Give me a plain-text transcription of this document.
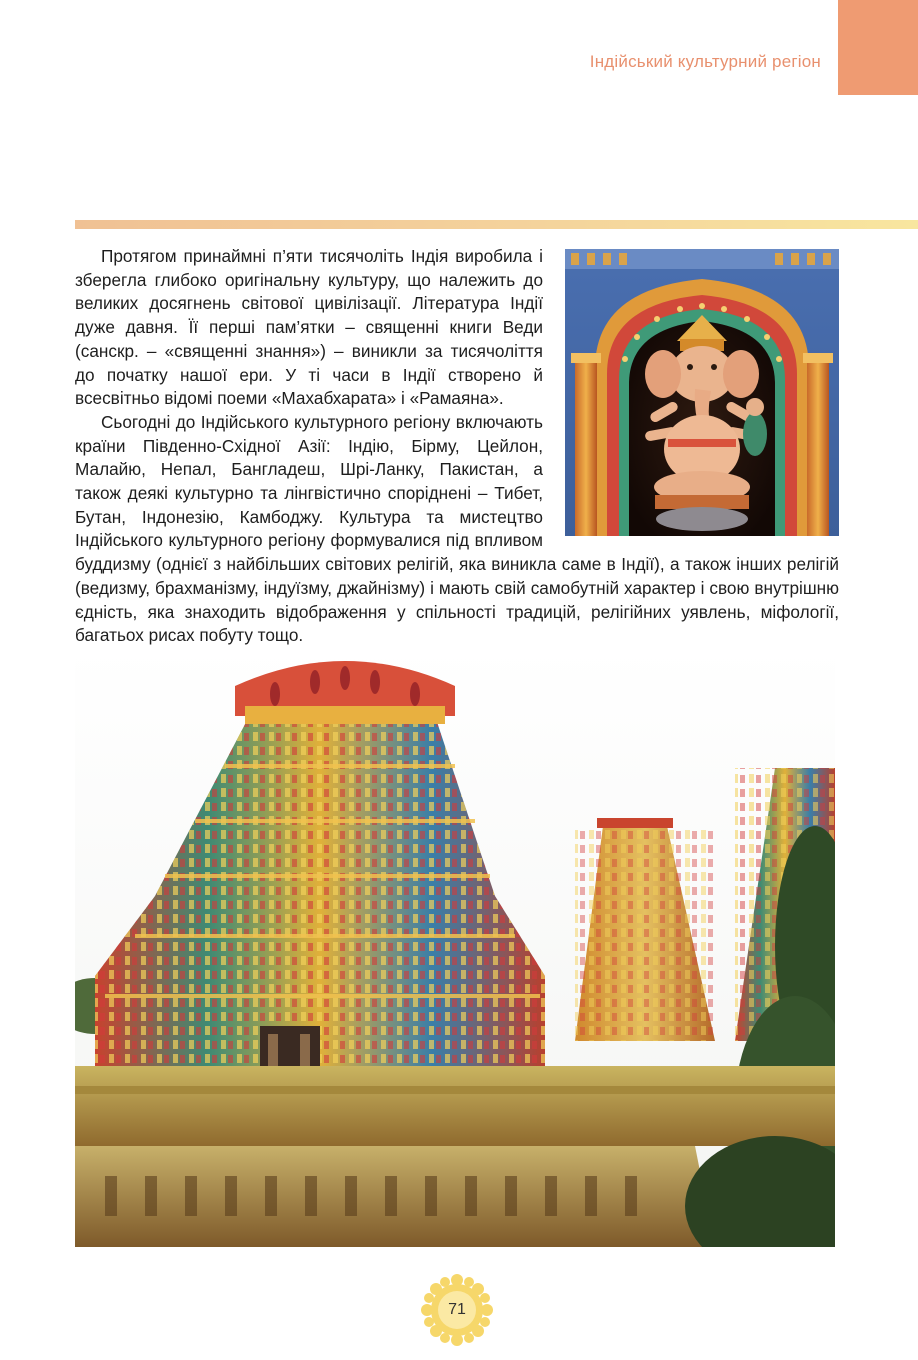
Індійський культурний регіон

Протягом принаймні п’яти тисячоліть Індія виробила і зберегла глибоко оригінальну культуру, що належить до великих досягнень світової цивілізації. Література Індії дуже давня. Її перші пам’ятки – священні книги Веди (санскр. – «священні знання») – виникли за тисячоліття до початку нашої ери. У ті часи в Індії створено й всесвітньо відомі поеми «Махабхарата» і «Рамаяна».

Сьогодні до Індійського культурного регіону включають країни Південно-Східної Азії: Індію, Бірму, Цейлон, Малайю, Непал, Бангладеш, Шрі-Ланку, Пакистан, а також деякі культурно та лінгвістично споріднені – Тибет, Бутан, Індонезію, Камбоджу. Культура та мистецтво Індійського культурного регіону формувалися під впливом буддизму (однієї з найбільших світових релігій, яка виникла саме в Індії), а також інших релігій (ведизму, брахманізму, індуїзму, джайнізму) і мають свій самобутній характер і свою внутрішню єдність, яка знаходить відображення у спільності традицій, релігійних уявлень, міфології, багатьох рисах побуту тощо.

71
